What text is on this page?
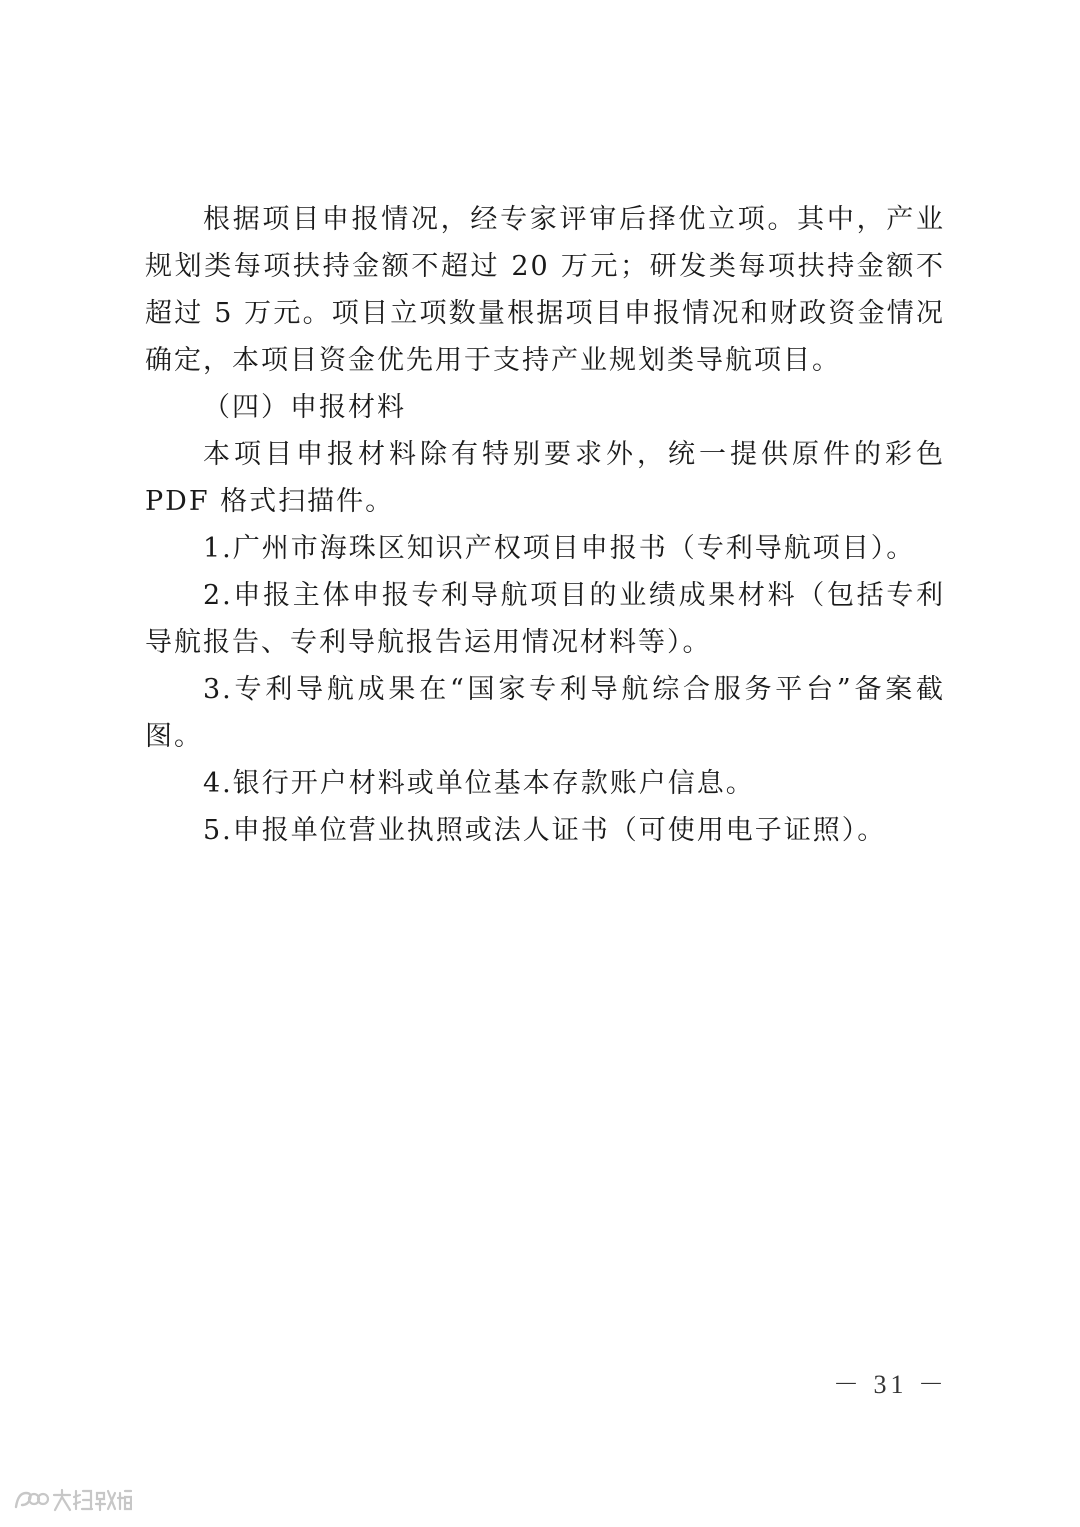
根据项目申报情况，经专家评审后择优立项。其中，产业规划类每项扶持金额不超过 20 万元；研发类每项扶持金额不超过 5 万元。项目立项数量根据项目申报情况和财政资金情况确定，本项目资金优先用于支持产业规划类导航项目。

（四）申报材料

本项目申报材料除有特别要求外，统一提供原件的彩色 PDF 格式扫描件。

1.广州市海珠区知识产权项目申报书（专利导航项目）。

2.申报主体申报专利导航项目的业绩成果材料（包括专利导航报告、专利导航报告运用情况材料等）。

3.专利导航成果在“国家专利导航综合服务平台”备案截图。

4.银行开户材料或单位基本存款账户信息。

5.申报单位营业执照或法人证书（可使用电子证照）。

－ 31 －
